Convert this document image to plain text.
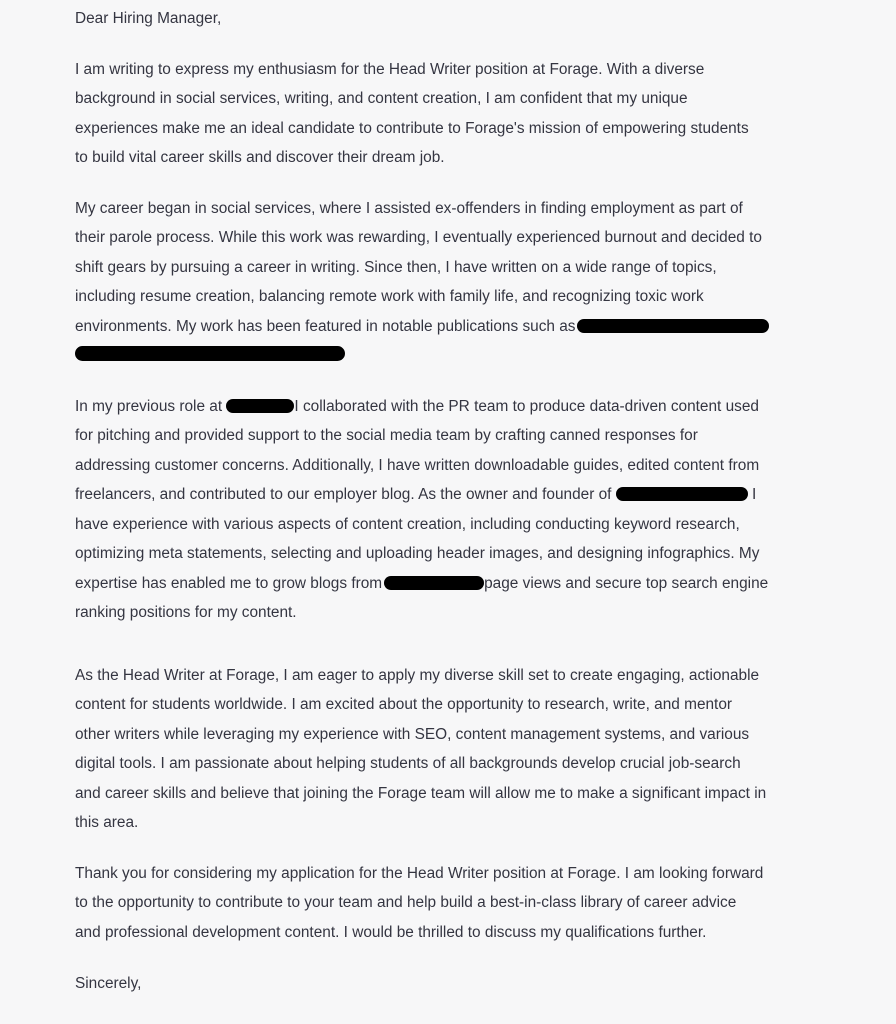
Dear Hiring Manager,
I am writing to express my enthusiasm for the Head Writer position at Forage. With a diverse
background in social services, writing, and content creation, I am confident that my unique
experiences make me an ideal candidate to contribute to Forage's mission of empowering students
to build vital career skills and discover their dream job.
My career began in social services, where I assisted ex-offenders in finding employment as part of
their parole process. While this work was rewarding, I eventually experienced burnout and decided to
shift gears by pursuing a career in writing. Since then, I have written on a wide range of topics,
including resume creation, balancing remote work with family life, and recognizing toxic work
environments. My work has been featured in notable publications such as
In my previous role at	I collaborated with the PR team to produce data-driven content used
for pitching and provided support to the social media team by crafting canned responses for
addressing customer concerns. Additionally, I have written downloadable guides, edited content from
freelancers, and contributed to our employer blog. As the owner and founder of	I
have experience with various aspects of content creation, including conducting keyword research,
optimizing meta statements, selecting and uploading header images, and designing infographics. My
expertise has enabled me to grow blogs from	page views and secure top search engine
ranking positions for my content.
As the Head Writer at Forage, I am eager to apply my diverse skill set to create engaging, actionable
content for students worldwide. I am excited about the opportunity to research, write, and mentor
other writers while leveraging my experience with SEO, content management systems, and various
digital tools. I am passionate about helping students of all backgrounds develop crucial job-search
and career skills and believe that joining the Forage team will allow me to make a significant impact in
this area.
Thank you for considering my application for the Head Writer position at Forage. I am looking forward
to the opportunity to contribute to your team and help build a best-in-class library of career advice
and professional development content. I would be thrilled to discuss my qualifications further.
Sincerely,
